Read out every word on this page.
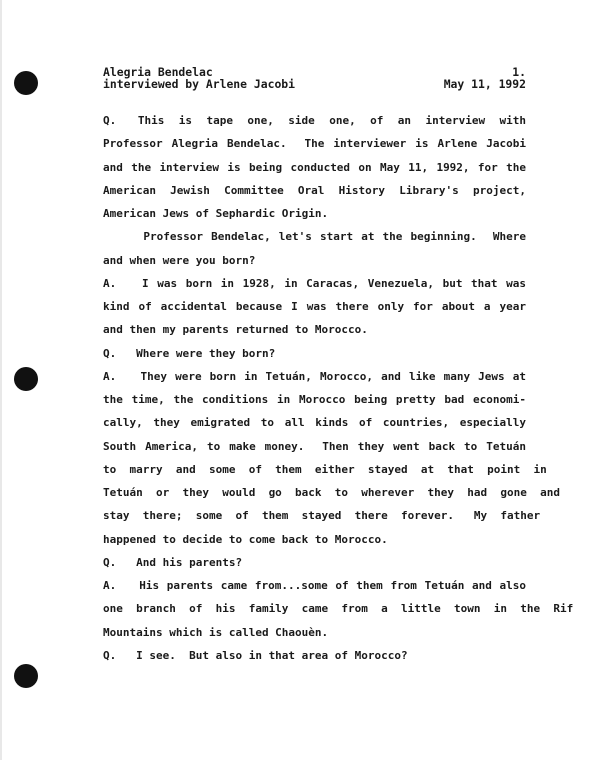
Alegria Bendelac	1.
interviewed by Arlene Jacobi	May 11, 1992
Q.   This  is  tape  one,  side  one,  of  an  interview  with
Professor Alegria Bendelac.  The interviewer is Arlene Jacobi
and the interview is being conducted on May 11, 1992, for the
American Jewish Committee Oral History Library's project,
American Jews of Sephardic Origin.
Professor Bendelac, let's start at the beginning.  Where
and when were you born?
A.   I was born in 1928, in Caracas, Venezuela, but that was
kind of accidental because I was there only for about a year
and then my parents returned to Morocco.
Q.   Where were they born?
A.   They were born in Tetuán, Morocco, and like many Jews at
the time, the conditions in Morocco being pretty bad economi-
cally, they emigrated to all kinds of countries, especially
South America, to make money.  Then they went back to Tetuán
to  marry  and  some  of  them  either  stayed  at  that  point  in
Tetuán  or  they  would  go  back  to  wherever  they  had  gone  and
stay  there;  some  of  them  stayed  there  forever.   My  father
happened to decide to come back to Morocco.
Q.   And his parents?
A.   His parents came from...some of them from Tetuán and also
one  branch  of  his  family  came  from  a  little  town  in  the  Rif
Mountains which is called Chaouèn.
Q.   I see.  But also in that area of Morocco?
